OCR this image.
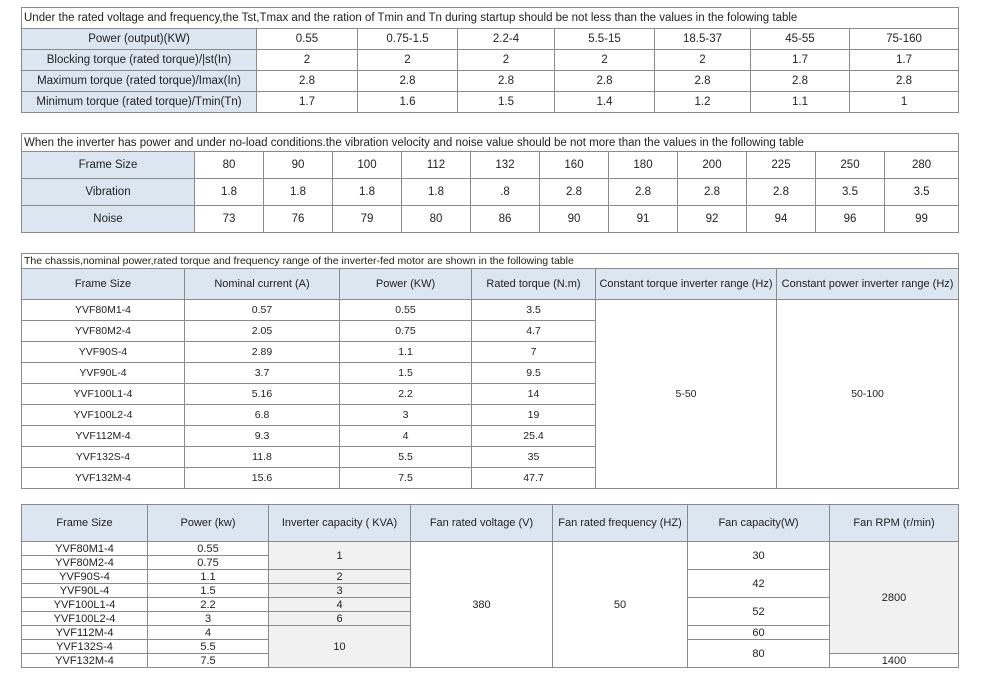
Under the rated voltage and frequency,the Tst,Tmax and the ration of Tmin and Tn during startup should be not less than the values in the folowing table							
Power (output)(KW)	0.55	0.75-1.5	2.2-4	5.5-15	18.5-37	45-55	75-160
Blocking torque (rated torque)/|st(In)	2	2	2	2	2	1.7	1.7
Maximum torque (rated torque)/Imax(In)	2.8	2.8	2.8	2.8	2.8	2.8	2.8
Minimum torque (rated torque)/Tmin(Tn)	1.7	1.6	1.5	1.4	1.2	1.1	1
When the inverter has power and under no-load conditions.the vibration velocity and noise value should be not more than the values in the following table											
Frame Size	80	90	100	112	132	160	180	200	225	250	280
Vibration	1.8	1.8	1.8	1.8	.8	2.8	2.8	2.8	2.8	3.5	3.5
Noise	73	76	79	80	86	90	91	92	94	96	99
The chassis,nominal power,rated torque and frequency range of the inverter-fed motor are shown in the following table					
Frame Size	Nominal current (A)	Power (KW)	Rated torque (N.m)	Constant torque inverter range (Hz)	Constant power inverter range (Hz)
YVF80M1-4	0.57	0.55	3.5	5-50	50-100
YVF80M2-4	2.05	0.75	4.7		
YVF90S-4	2.89	1.1	7		
YVF90L-4	3.7	1.5	9.5		
YVF100L1-4	5.16	2.2	14		
YVF100L2-4	6.8	3	19		
YVF112M-4	9.3	4	25.4		
YVF132S-4	11.8	5.5	35		
YVF132M-4	15.6	7.5	47.7		
Frame Size	Power (kw)	Inverter capacity ( KVA)	Fan rated voltage (V)	Fan rated frequency (HZ)	Fan capacity(W)	Fan RPM (r/min)
YVF80M1-4	0.55	1	380	50	30	2800
YVF80M2-4	0.75					
YVF90S-4	1.1	2			42	
YVF90L-4	1.5	3				
YVF100L1-4	2.2	4			52	
YVF100L2-4	3	6				
YVF112M-4	4	10			60	
YVF132S-4	5.5				80	
YVF132M-4	7.5					1400
